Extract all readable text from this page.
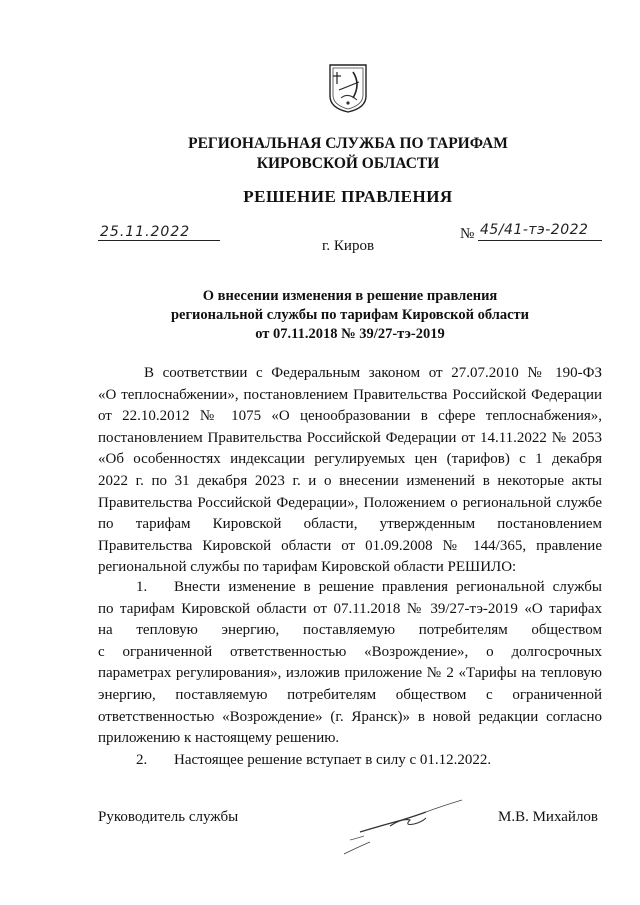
РЕГИОНАЛЬНАЯ СЛУЖБА ПО ТАРИФАМ
КИРОВСКОЙ ОБЛАСТИ
РЕШЕНИЕ ПРАВЛЕНИЯ
25.11.2022	№ 45/41-тэ-2022
г. Киров
О внесении изменения в решение правления
региональной службы по тарифам Кировской области
от 07.11.2018 № 39/27-тэ-2019
В соответствии с Федеральным законом от 27.07.2010 № 190-ФЗ
«О теплоснабжении», постановлением Правительства Российской Федерации
от 22.10.2012 № 1075 «О ценообразовании в сфере теплоснабжения»,
постановлением Правительства Российской Федерации от 14.11.2022 № 2053
«Об особенностях индексации регулируемых цен (тарифов) с 1 декабря
2022 г. по 31 декабря 2023 г. и о внесении изменений в некоторые акты
Правительства Российской Федерации», Положением о региональной службе
по тарифам Кировской области, утвержденным постановлением
Правительства Кировской области от 01.09.2008 № 144/365, правление
региональной службы по тарифам Кировской области РЕШИЛО:
1. Внести изменение в решение правления региональной службы
по тарифам Кировской области от 07.11.2018 № 39/27-тэ-2019 «О тарифах
на тепловую энергию, поставляемую потребителям обществом
с ограниченной ответственностью «Возрождение», о долгосрочных
параметрах регулирования», изложив приложение № 2 «Тарифы на тепловую
энергию, поставляемую потребителям обществом с ограниченной
ответственностью «Возрождение» (г. Яранск)» в новой редакции согласно
приложению к настоящему решению.
2. Настоящее решение вступает в силу с 01.12.2022.
Руководитель службы	М.В. Михайлов
